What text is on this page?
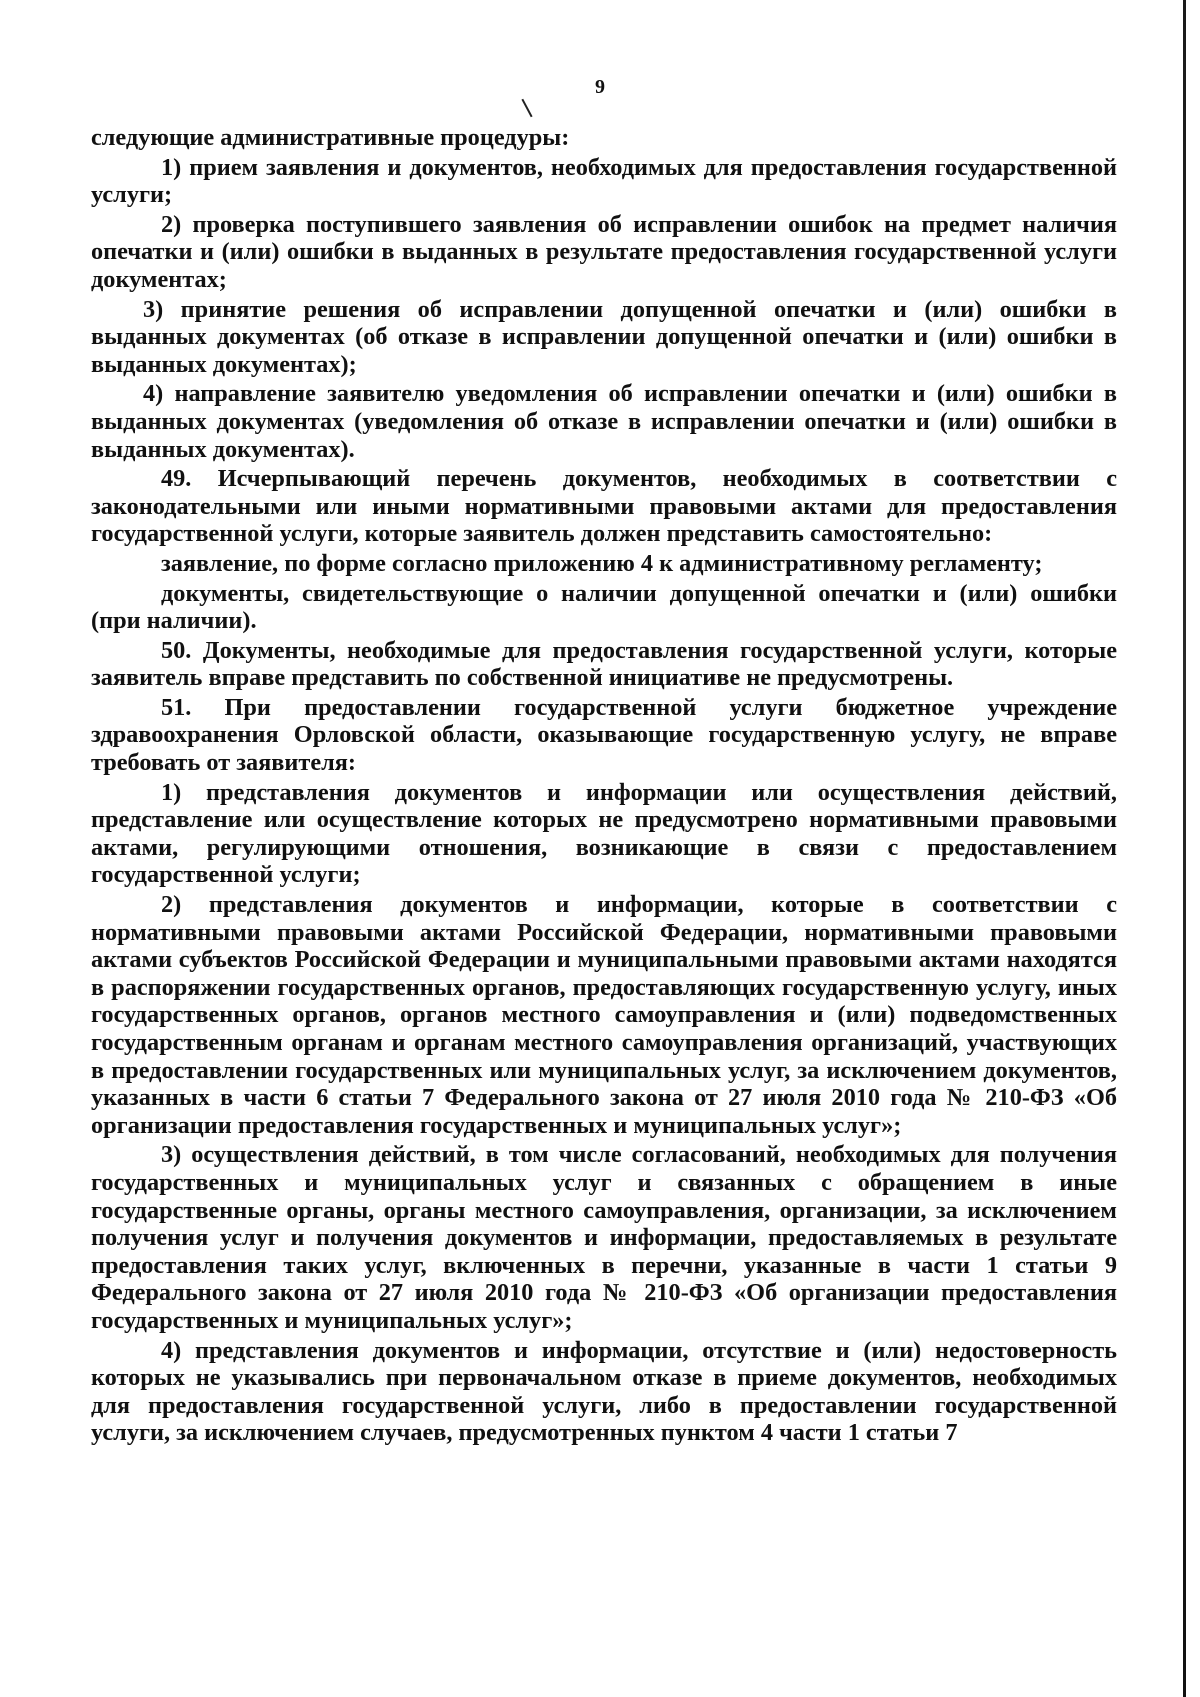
9

следующие административные процедуры:

1) прием заявления и документов, необходимых для предоставления государственной услуги;

2) проверка поступившего заявления об исправлении ошибок на предмет наличия опечатки и (или) ошибки в выданных в результате предоставления государственной услуги документах;

3) принятие решения об исправлении допущенной опечатки и (или) ошибки в выданных документах (об отказе в исправлении допущенной опечатки и (или) ошибки в выданных документах);

4) направление заявителю уведомления об исправлении опечатки и (или) ошибки в выданных документах (уведомления об отказе в исправлении опечатки и (или) ошибки в выданных документах).

49. Исчерпывающий перечень документов, необходимых в соответствии с законодательными или иными нормативными правовыми актами для предоставления государственной услуги, которые заявитель должен представить самостоятельно:

заявление, по форме согласно приложению 4 к административному регламенту;

документы, свидетельствующие о наличии допущенной опечатки и (или) ошибки (при наличии).

50. Документы, необходимые для предоставления государственной услуги, которые заявитель вправе представить по собственной инициативе не предусмотрены.

51. При предоставлении государственной услуги бюджетное учреждение здравоохранения Орловской области, оказывающие государственную услугу, не вправе требовать от заявителя:

1) представления документов и информации или осуществления действий, представление или осуществление которых не предусмотрено нормативными правовыми актами, регулирующими отношения, возникающие в связи с предоставлением государственной услуги;

2) представления документов и информации, которые в соответствии с нормативными правовыми актами Российской Федерации, нормативными правовыми актами субъектов Российской Федерации и муниципальными правовыми актами находятся в распоряжении государственных органов, предоставляющих государственную услугу, иных государственных органов, органов местного самоуправления и (или) подведомственных государственным органам и органам местного самоуправления организаций, участвующих в предоставлении государственных или муниципальных услуг, за исключением документов, указанных в части 6 статьи 7 Федерального закона от 27 июля 2010 года № 210-ФЗ «Об организации предоставления государственных и муниципальных услуг»;

3) осуществления действий, в том числе согласований, необходимых для получения государственных и муниципальных услуг и связанных с обращением в иные государственные органы, органы местного самоуправления, организации, за исключением получения услуг и получения документов и информации, предоставляемых в результате предоставления таких услуг, включенных в перечни, указанные в части 1 статьи 9 Федерального закона от 27 июля 2010 года № 210-ФЗ «Об организации предоставления государственных и муниципальных услуг»;

4) представления документов и информации, отсутствие и (или) недостоверность которых не указывались при первоначальном отказе в приеме документов, необходимых для предоставления государственной услуги, либо в предоставлении государственной услуги, за исключением случаев, предусмотренных пунктом 4 части 1 статьи 7
